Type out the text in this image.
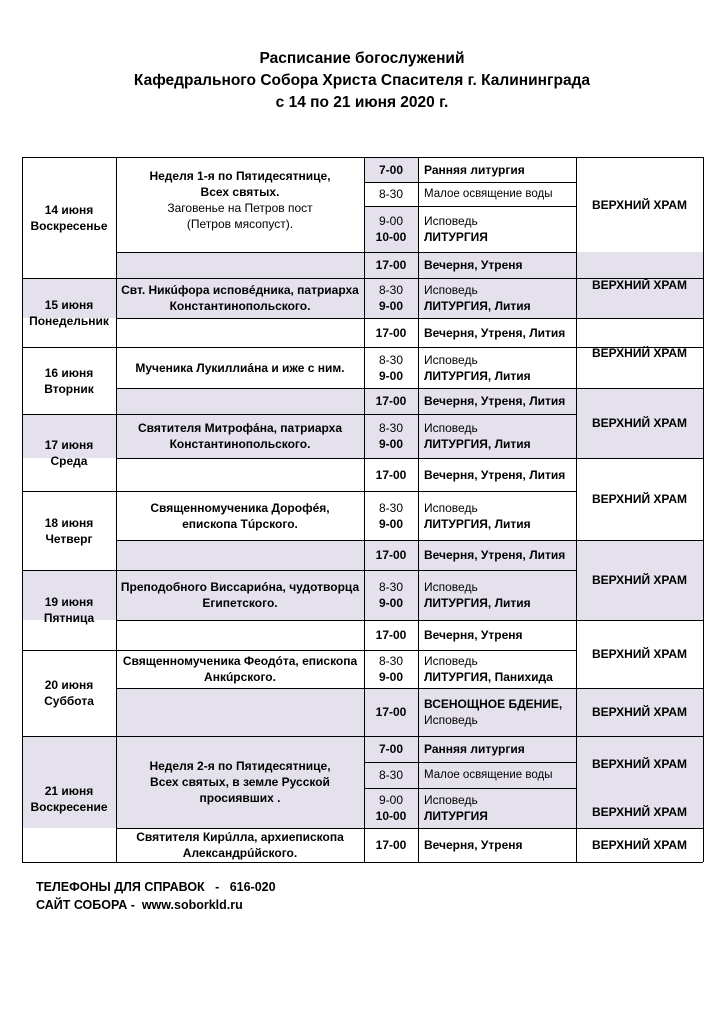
Расписание богослужений
Кафедрального Собора Христа Спасителя г. Калининграда
с 14 по 21 июня 2020 г.
14 июня
Воскресенье
Неделя 1-я по Пятидесятнице,
Всех святых.
Заговенье на Петров пост
(Петров мясопуст).
7-00 Ранняя литургия
8-30 Малое освящение воды
9-00
10-00
Исповедь
ЛИТУРГИЯ
17-00 Вечерня, Утреня
ВЕРХНИЙ ХРАМ
15 июня
Понедельник
Свт. Никúфора исповéдника, патриарха
Константинопольского.
8-30
9-00
Исповедь
ЛИТУРГИЯ, Лития
17-00 Вечерня, Утреня, Лития
ВЕРХНИЙ ХРАМ
16 июня
Вторник
Мученика Лукиллиáна и иже с ним.
8-30
9-00
Исповедь
ЛИТУРГИЯ, Лития
17-00 Вечерня, Утреня, Лития
ВЕРХНИЙ ХРАМ
17 июня
Среда
Святителя Митрофáна, патриарха
Константинопольского.
8-30
9-00
Исповедь
ЛИТУРГИЯ, Лития
17-00 Вечерня, Утреня, Лития
ВЕРХНИЙ ХРАМ
18 июня
Четверг
Священномученика Дорофéя,
епископа Тúрского.
8-30
9-00
Исповедь
ЛИТУРГИЯ, Лития
17-00 Вечерня, Утреня, Лития
ВЕРХНИЙ ХРАМ
19 июня
Пятница
Преподобного Виссариóна, чудотворца
Египетского.
8-30
9-00
Исповедь
ЛИТУРГИЯ, Лития
17-00 Вечерня, Утреня
ВЕРХНИЙ ХРАМ
20 июня
Суббота
Священномученика Феодóта, епископа
Анкúрского.
8-30
9-00
Исповедь
ЛИТУРГИЯ, Панихида
17-00
ВСЕНОЩНОЕ БДЕНИЕ,
Исповедь
ВЕРХНИЙ ХРАМ
ВЕРХНИЙ ХРАМ
21 июня
Воскресение
Неделя 2-я по Пятидесятнице,
Всех святых, в земле Русской
просиявших .
Святителя Кирúлла, архиепископа
Александрúйского.
7-00 Ранняя литургия
8-30 Малое освящение воды
9-00
10-00
Исповедь
ЛИТУРГИЯ
17-00 Вечерня, Утреня
ВЕРХНИЙ ХРАМ
ВЕРХНИЙ ХРАМ
ВЕРХНИЙ ХРАМ
ТЕЛЕФОНЫ ДЛЯ СПРАВОК   -   616-020
САЙТ СОБОРА -  www.soborkld.ru
